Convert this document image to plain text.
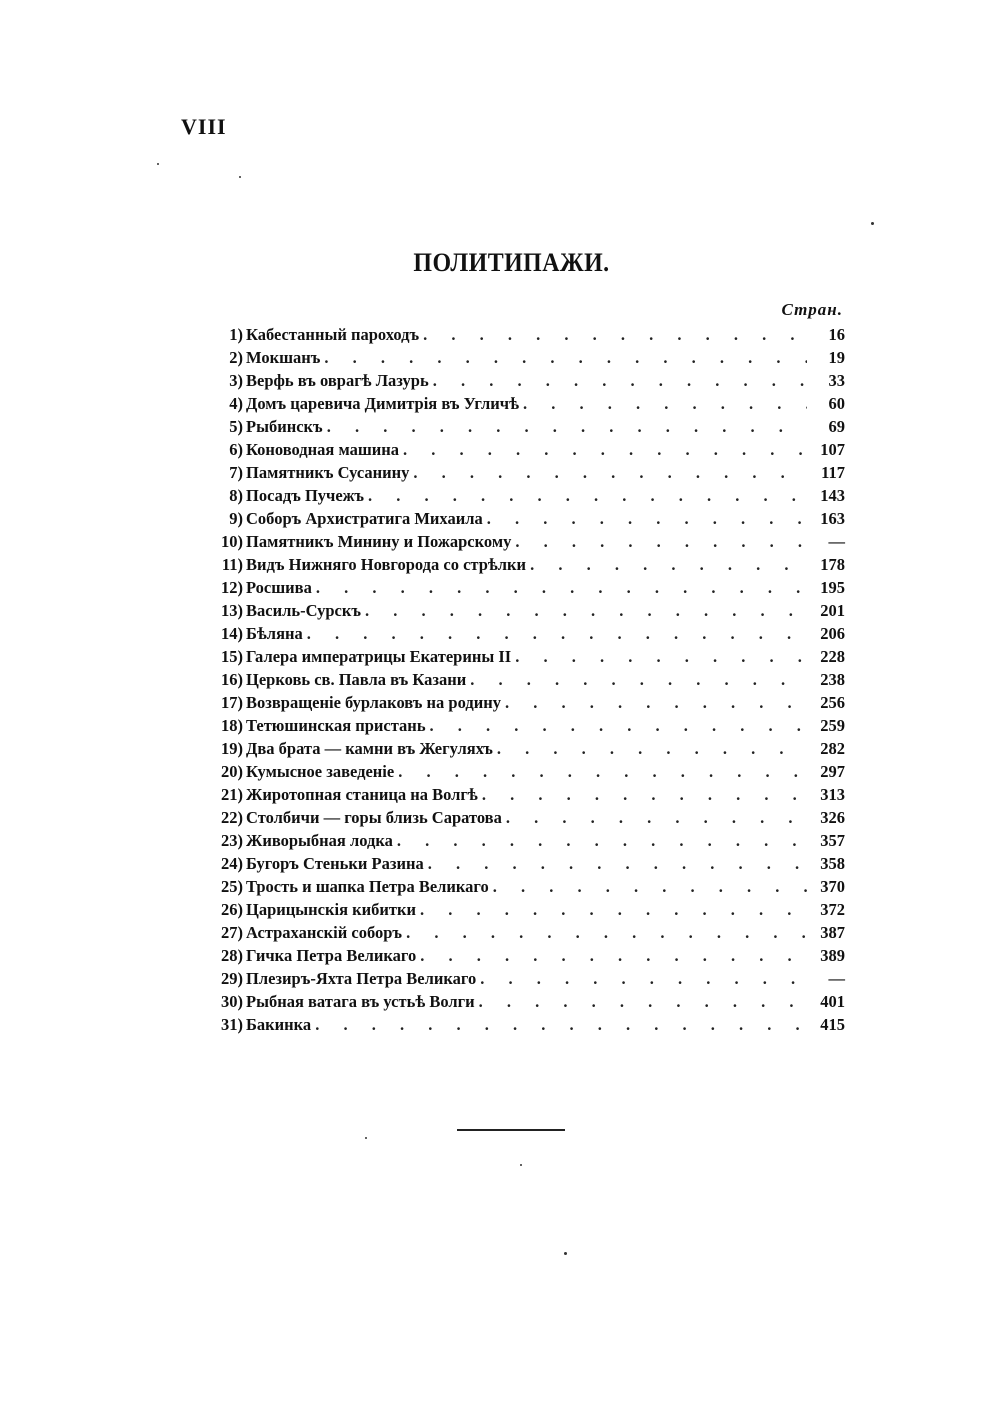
VIII
ПОЛИТИПАЖИ.
Стран.
1) Кабестанный пароходъ . . .	16
2) Мокшанъ . . .	19
3) Верфь въ оврагѣ Лазурь . . .	33
4) Домъ царевича Димитрія въ Угличѣ . . .	60
5) Рыбинскъ . . .	69
6) Коноводная машина . . .	107
7) Памятникъ Сусанину . . .	117
8) Посадъ Пучежъ . . .	143
9) Соборъ Архистратига Михаила . . .	163
10) Памятникъ Минину и Пожарскому . . .	—
11) Видъ Нижняго Новгорода со стрѣлки . . .	178
12) Росшива . . .	195
13) Василь-Сурскъ . . .	201
14) Бѣляна . . .	206
15) Галера императрицы Екатерины II . . .	228
16) Церковь св. Павла въ Казани . . .	238
17) Возвращеніе бурлаковъ на родину . . .	256
18) Тетюшинская пристань . . .	259
19) Два брата — камни въ Жегуляхъ . . .	282
20) Кумысное заведеніе . . .	297
21) Жиротопная станица на Волгѣ . . .	313
22) Столбичи — горы близь Саратова . . .	326
23) Живорыбная лодка . . .	357
24) Бугоръ Стеньки Разина . . .	358
25) Трость и шапка Петра Великаго . . .	370
26) Царицынскія кибитки . . .	372
27) Астраханскій соборъ . . .	387
28) Гичка Петра Великаго . . .	389
29) Плезиръ-Яхта Петра Великаго . . .	—
30) Рыбная ватага въ устьѣ Волги . . .	401
31) Бакинка . . .	415
